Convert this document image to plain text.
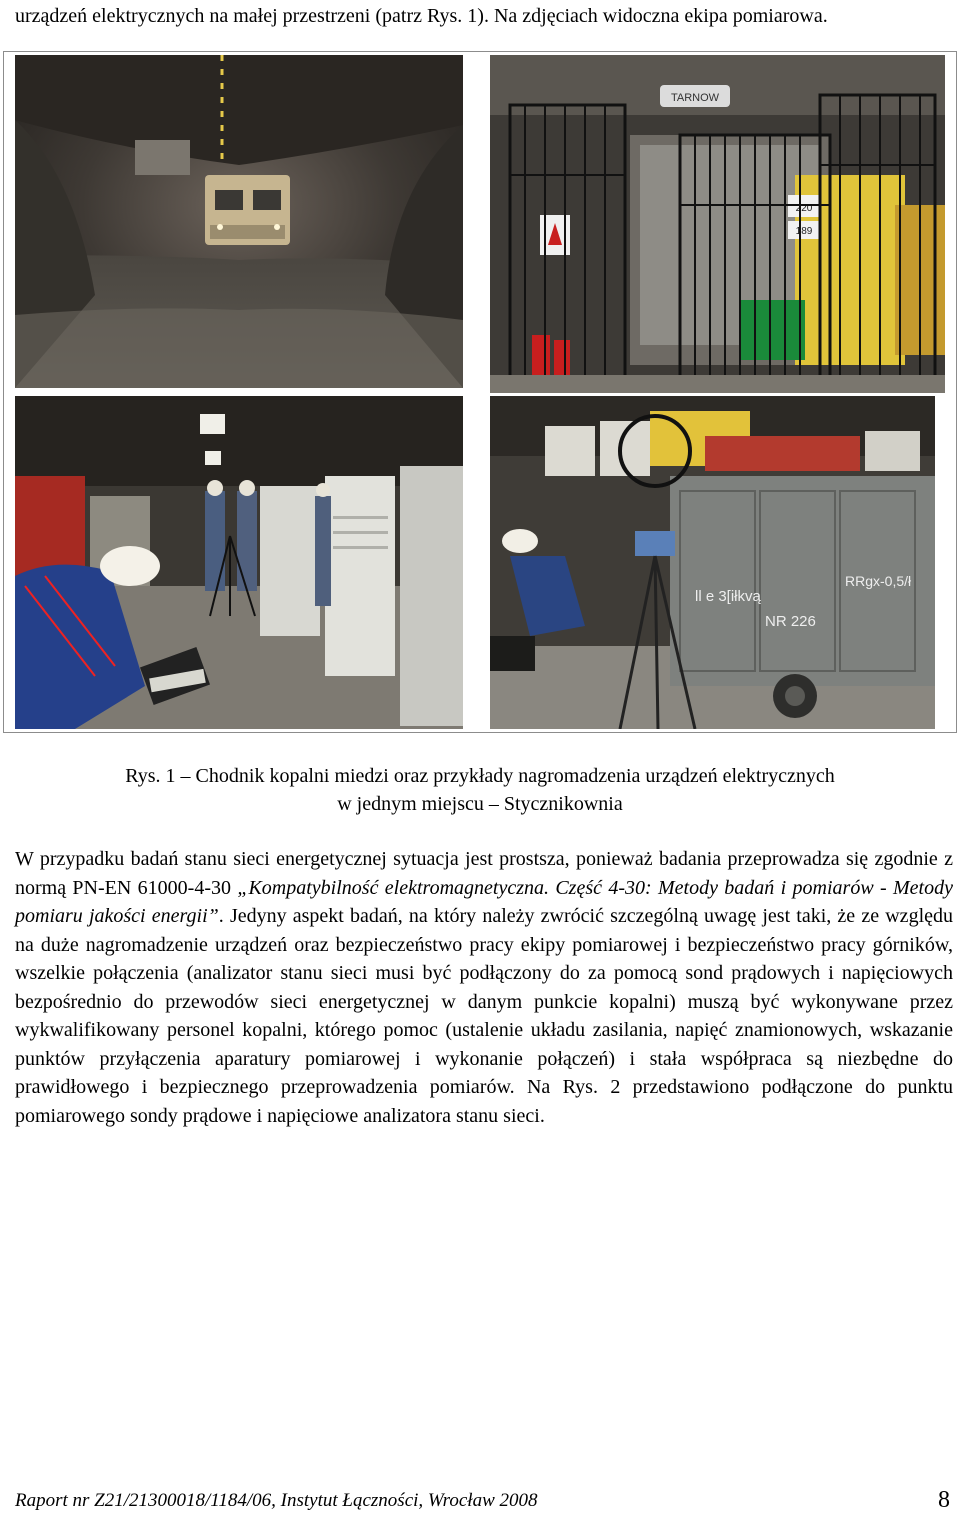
urządzeń elektrycznych na małej przestrzeni (patrz Rys. 1). Na zdjęciach widoczna ekipa pomiarowa.
TARNOW
220
189
ll e 3[iłkvą
NR 226
RRgx-0,5/ł
Rys. 1 – Chodnik kopalni miedzi oraz przykłady nagromadzenia urządzeń elektrycznych
w jednym miejscu – Stycznikownia

W przypadku badań stanu sieci energetycznej sytuacja jest prostsza, ponieważ badania przeprowadza się zgodnie z normą PN-EN 61000-4-30 „Kompatybilność elektromagnetyczna. Część 4-30: Metody badań i pomiarów - Metody pomiaru jakości energii”. Jedyny aspekt badań, na który należy zwrócić szczególną uwagę jest taki, że ze względu na duże nagromadzenie urządzeń oraz bezpieczeństwo pracy ekipy pomiarowej i bezpieczeństwo pracy górników, wszelkie połączenia (analizator stanu sieci musi być podłączony do za pomocą sond prądowych i napięciowych bezpośrednio do przewodów sieci energetycznej w danym punkcie kopalni) muszą być wykonywane przez wykwalifikowany personel kopalni, którego pomoc (ustalenie układu zasilania, napięć znamionowych, wskazanie punktów przyłączenia aparatury pomiarowej i wykonanie połączeń) i stała współpraca są niezbędne do prawidłowego i bezpiecznego przeprowadzenia pomiarów. Na Rys. 2 przedstawiono podłączone do punktu pomiarowego sondy prądowe i napięciowe analizatora stanu sieci.

Raport nr Z21/21300018/1184/06, Instytut Łączności, Wrocław 2008	8
